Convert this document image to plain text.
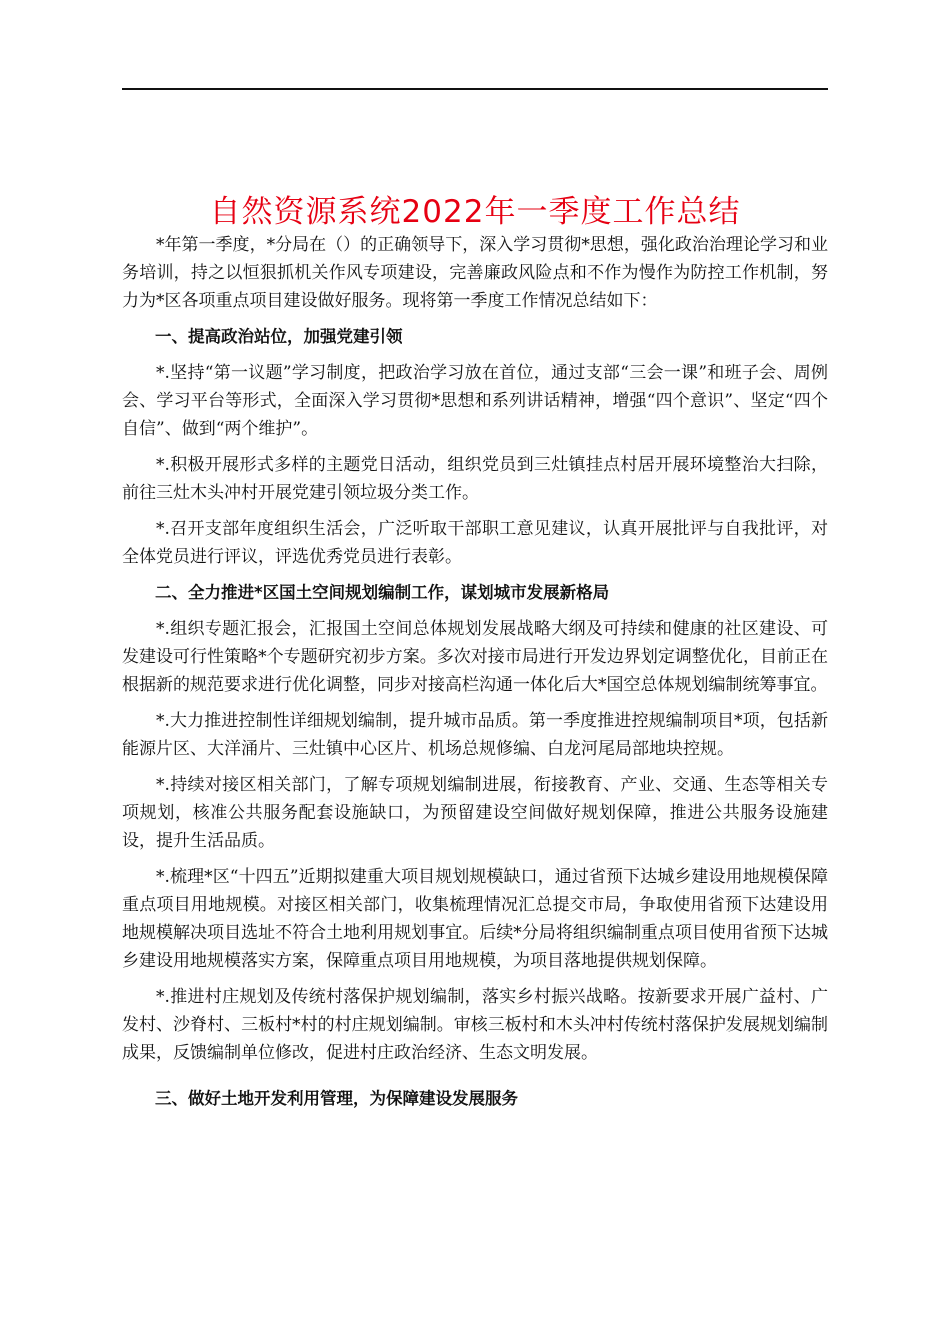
自然资源系统2022年一季度工作总结

*年第一季度，*分局在（）的正确领导下，深入学习贯彻*思想，强化政治治理论学习和业务培训，持之以恒狠抓机关作风专项建设，完善廉政风险点和不作为慢作为防控工作机制，努力为*区各项重点项目建设做好服务。现将第一季度工作情况总结如下：

一、提高政治站位，加强党建引领

*.坚持“第一议题”学习制度，把政治学习放在首位，通过支部“三会一课”和班子会、周例会、学习平台等形式，全面深入学习贯彻*思想和系列讲话精神，增强“四个意识”、坚定“四个自信”、做到“两个维护”。

*.积极开展形式多样的主题党日活动，组织党员到三灶镇挂点村居开展环境整治大扫除，前往三灶木头冲村开展党建引领垃圾分类工作。

*.召开支部年度组织生活会，广泛听取干部职工意见建议，认真开展批评与自我批评，对全体党员进行评议，评选优秀党员进行表彰。

二、全力推进*区国土空间规划编制工作，谋划城市发展新格局

*.组织专题汇报会，汇报国土空间总体规划发展战略大纲及可持续和健康的社区建设、可发建设可行性策略*个专题研究初步方案。多次对接市局进行开发边界划定调整优化，目前正在根据新的规范要求进行优化调整，同步对接高栏沟通一体化后大*国空总体规划编制统筹事宜。

*.大力推进控制性详细规划编制，提升城市品质。第一季度推进控规编制项目*项，包括新能源片区、大洋涌片、三灶镇中心区片、机场总规修编、白龙河尾局部地块控规。

*.持续对接区相关部门，了解专项规划编制进展，衔接教育、产业、交通、生态等相关专项规划，核准公共服务配套设施缺口，为预留建设空间做好规划保障，推进公共服务设施建设，提升生活品质。

*.梳理*区“十四五”近期拟建重大项目规划规模缺口，通过省预下达城乡建设用地规模保障重点项目用地规模。对接区相关部门，收集梳理情况汇总提交市局，争取使用省预下达建设用地规模解决项目选址不符合土地利用规划事宜。后续*分局将组织编制重点项目使用省预下达城乡建设用地规模落实方案，保障重点项目用地规模，为项目落地提供规划保障。

*.推进村庄规划及传统村落保护规划编制，落实乡村振兴战略。按新要求开展广益村、广发村、沙脊村、三板村*村的村庄规划编制。审核三板村和木头冲村传统村落保护发展规划编制成果，反馈编制单位修改，促进村庄政治经济、生态文明发展。

三、做好土地开发利用管理，为保障建设发展服务
